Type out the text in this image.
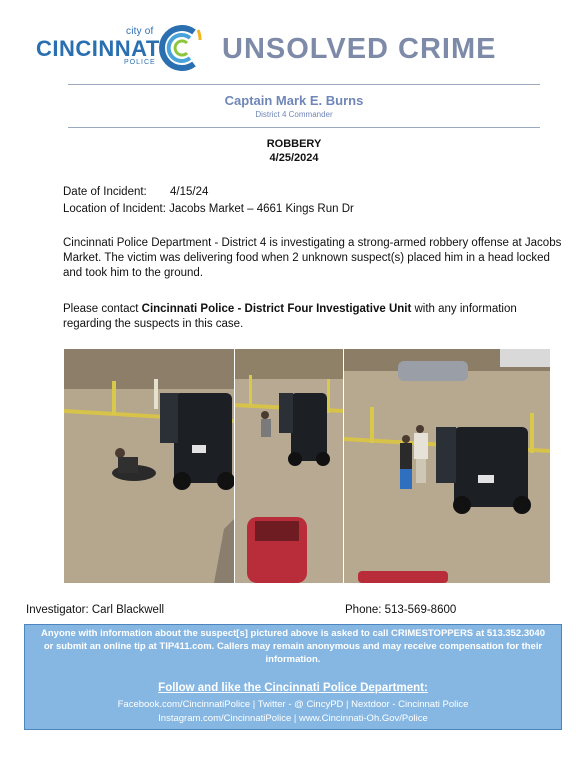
city of
CINCINNATI
POLICE UNSOLVED CRIME
Captain Mark E. Burns
District 4 Commander
ROBBERY
4/25/2024
Date of Incident: 4/15/24
Location of Incident: Jacobs Market – 4661 Kings Run Dr
Cincinnati Police Department - District 4 is investigating a strong-armed robbery offense at Jacobs Market. The victim was delivering food when 2 unknown suspect(s) placed him in a head locked and took him to the ground.
Please contact Cincinnati Police - District Four Investigative Unit with any information regarding the suspects in this case.
Investigator: Carl Blackwell	Phone: 513-569-8600
Anyone with information about the suspect[s] pictured above is asked to call CRIMESTOPPERS at 513.352.3040 or submit an online tip at TIP411.com. Callers may remain anonymous and may receive compensation for their information.
Follow and like the Cincinnati Police Department:
Facebook.com/CincinnatiPolice | Twitter - @ CincyPD | Nextdoor - Cincinnati Police
Instagram.com/CincinnatiPolice | www.Cincinnati-Oh.Gov/Police
